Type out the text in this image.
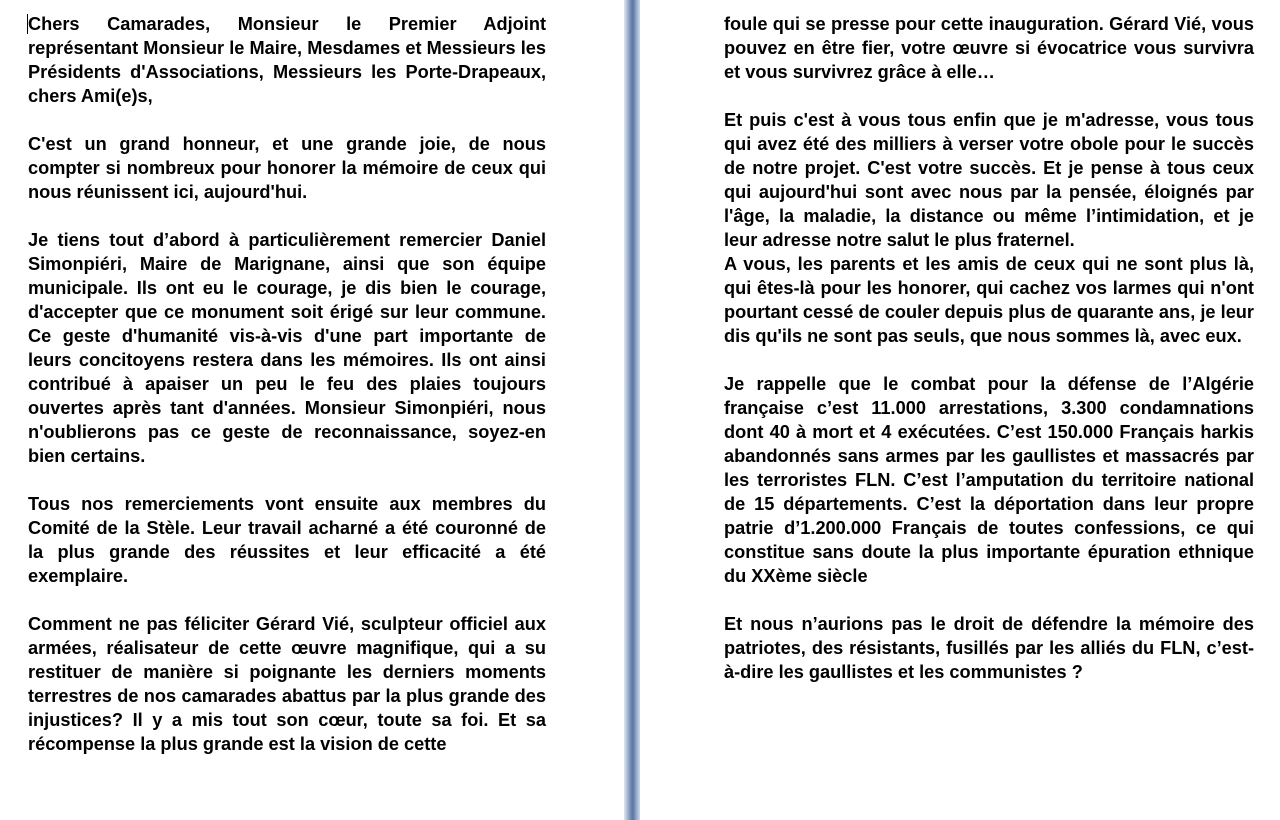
Chers Camarades, Monsieur le Premier Adjoint représentant Monsieur le Maire, Mesdames et Messieurs les Présidents d'Associations, Messieurs les Porte-Drapeaux, chers Ami(e)s,

C'est un grand honneur, et une grande joie, de nous compter si nombreux pour honorer la mémoire de ceux qui nous réunissent ici, aujourd'hui.

Je tiens tout d’abord à particulièrement remercier Daniel Simonpiéri, Maire de Marignane, ainsi que son équipe municipale. Ils ont eu le courage, je dis bien le courage, d'accepter que ce monument soit érigé sur leur commune. Ce geste d'humanité vis-à-vis d'une part importante de leurs concitoyens restera dans les mémoires. Ils ont ainsi contribué à apaiser un peu le feu des plaies toujours ouvertes après tant d'années. Monsieur Simonpiéri, nous n'oublierons pas ce geste de reconnaissance, soyez-en bien certains.

Tous nos remerciements vont ensuite aux membres du Comité de la Stèle. Leur travail acharné a été couronné de la plus grande des réussites et leur efficacité a été exemplaire.

Comment ne pas féliciter Gérard Vié, sculpteur officiel aux armées, réalisateur de cette œuvre magnifique, qui a su restituer de manière si poignante les derniers moments terrestres de nos camarades abattus par la plus grande des injustices? Il y a mis tout son cœur, toute sa foi. Et sa récompense la plus grande est la vision de cette

foule qui se presse pour cette inauguration. Gérard Vié, vous pouvez en être fier, votre œuvre si évocatrice vous survivra et vous survivrez grâce à elle…

Et puis c'est à vous tous enfin que je m'adresse, vous tous qui avez été des milliers à verser votre obole pour le succès de notre projet. C'est votre succès. Et je pense à tous ceux qui aujourd'hui sont avec nous par la pensée, éloignés par l'âge, la maladie, la distance ou même l’intimidation, et je leur adresse notre salut le plus fraternel.

A vous, les parents et les amis de ceux qui ne sont plus là, qui êtes-là pour les honorer, qui cachez vos larmes qui n'ont pourtant cessé de couler depuis plus de quarante ans, je leur dis qu'ils ne sont pas seuls, que nous sommes là, avec eux.

Je rappelle que le combat pour la défense de l’Algérie française c’est 11.000 arrestations, 3.300 condamnations dont 40 à mort et 4 exécutées. C’est 150.000 Français harkis abandonnés sans armes par les gaullistes et massacrés par les terroristes FLN. C’est l’amputation du territoire national de 15 départements. C’est la déportation dans leur propre patrie d’1.200.000 Français de toutes confessions, ce qui constitue sans doute la plus importante épuration ethnique du XXème siècle

Et nous n’aurions pas le droit de défendre la mémoire des patriotes, des résistants, fusillés par les alliés du FLN, c’est-à-dire les gaullistes et les communistes ?
